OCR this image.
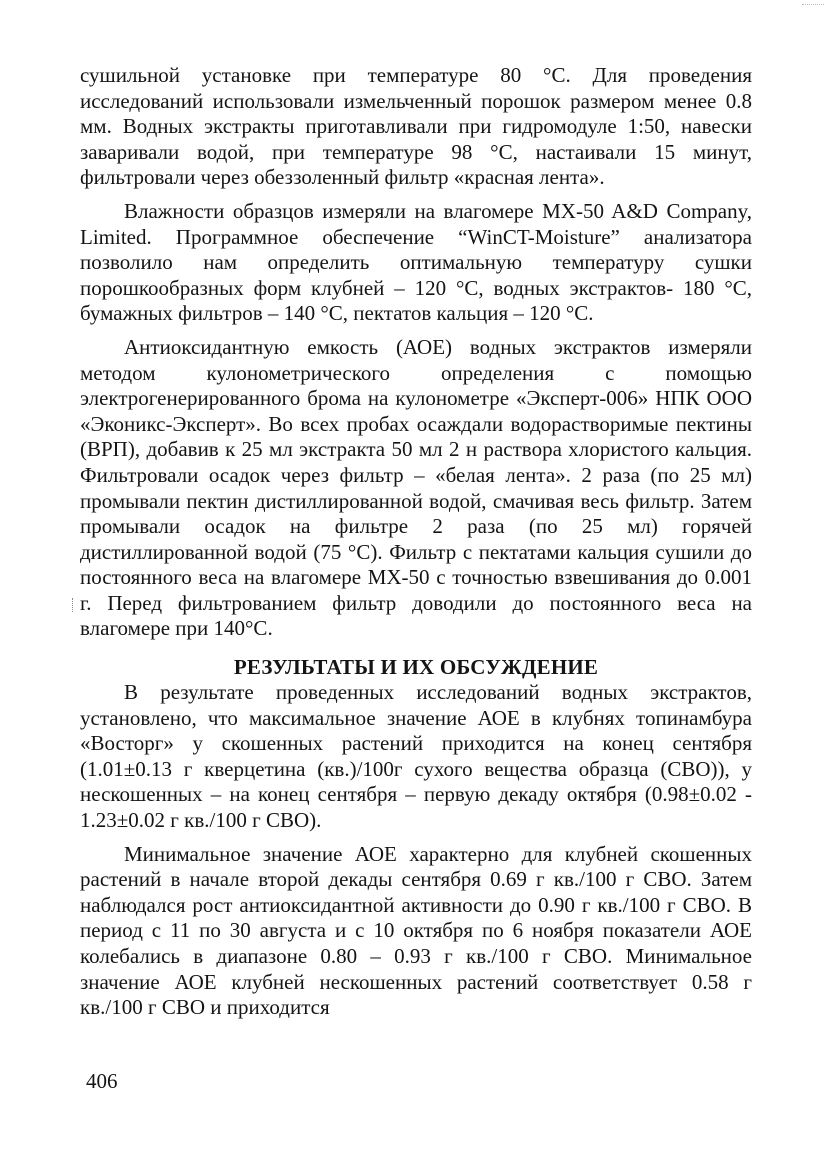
сушильной установке при температуре 80 °С. Для проведения исследований использовали измельченный порошок размером менее 0.8 мм. Водных экстракты приготавливали при гидромодуле 1:50, навески заваривали водой, при температуре 98 °С, настаивали 15 минут, фильтровали через обеззоленный фильтр «красная лента».

Влажности образцов измеряли на влагомере MX-50 A&D Company, Limited. Программное обеспечение “WinCT-Moisture” анализатора позволило нам определить оптимальную температуру сушки порошкообразных форм клубней – 120 °С, водных экстрактов- 180 °С, бумажных фильтров – 140 °С, пектатов кальция – 120 °С.

Антиоксидантную емкость (АОЕ) водных экстрактов измеряли методом кулонометрического определения с помощью электрогенерированного брома на кулонометре «Эксперт-006» НПК ООО «Эконикс-Эксперт». Во всех пробах осаждали водорастворимые пектины (ВРП), добавив к 25 мл экстракта 50 мл 2 н раствора хлористого кальция. Фильтровали осадок через фильтр – «белая лента». 2 раза (по 25 мл) промывали пектин дистиллированной водой, смачивая весь фильтр. Затем промывали осадок на фильтре 2 раза (по 25 мл) горячей дистиллированной водой (75 °С). Фильтр с пектатами кальция сушили до постоянного веса на влагомере MX-50 с точностью взвешивания до 0.001 г. Перед фильтрованием фильтр доводили до постоянного веса на влагомере при 140°С.

РЕЗУЛЬТАТЫ И ИХ ОБСУЖДЕНИЕ

В результате проведенных исследований водных экстрактов, установлено, что максимальное значение АОЕ в клубнях топинамбура «Восторг» у скошенных растений приходится на конец сентября (1.01±0.13 г кверцетина (кв.)/100г сухого вещества образца (СВО)), у нескошенных – на конец сентября – первую декаду октября (0.98±0.02 - 1.23±0.02 г кв./100 г СВО).

Минимальное значение АОЕ характерно для клубней скошенных растений в начале второй декады сентября 0.69 г кв./100 г СВО. Затем наблюдался рост антиоксидантной активности до 0.90 г кв./100 г СВО. В период с 11 по 30 августа и с 10 октября по 6 ноября показатели АОЕ колебались в диапазоне 0.80 – 0.93 г кв./100 г СВО. Минимальное значение АОЕ клубней нескошенных растений соответствует 0.58 г кв./100 г СВО и приходится

406
